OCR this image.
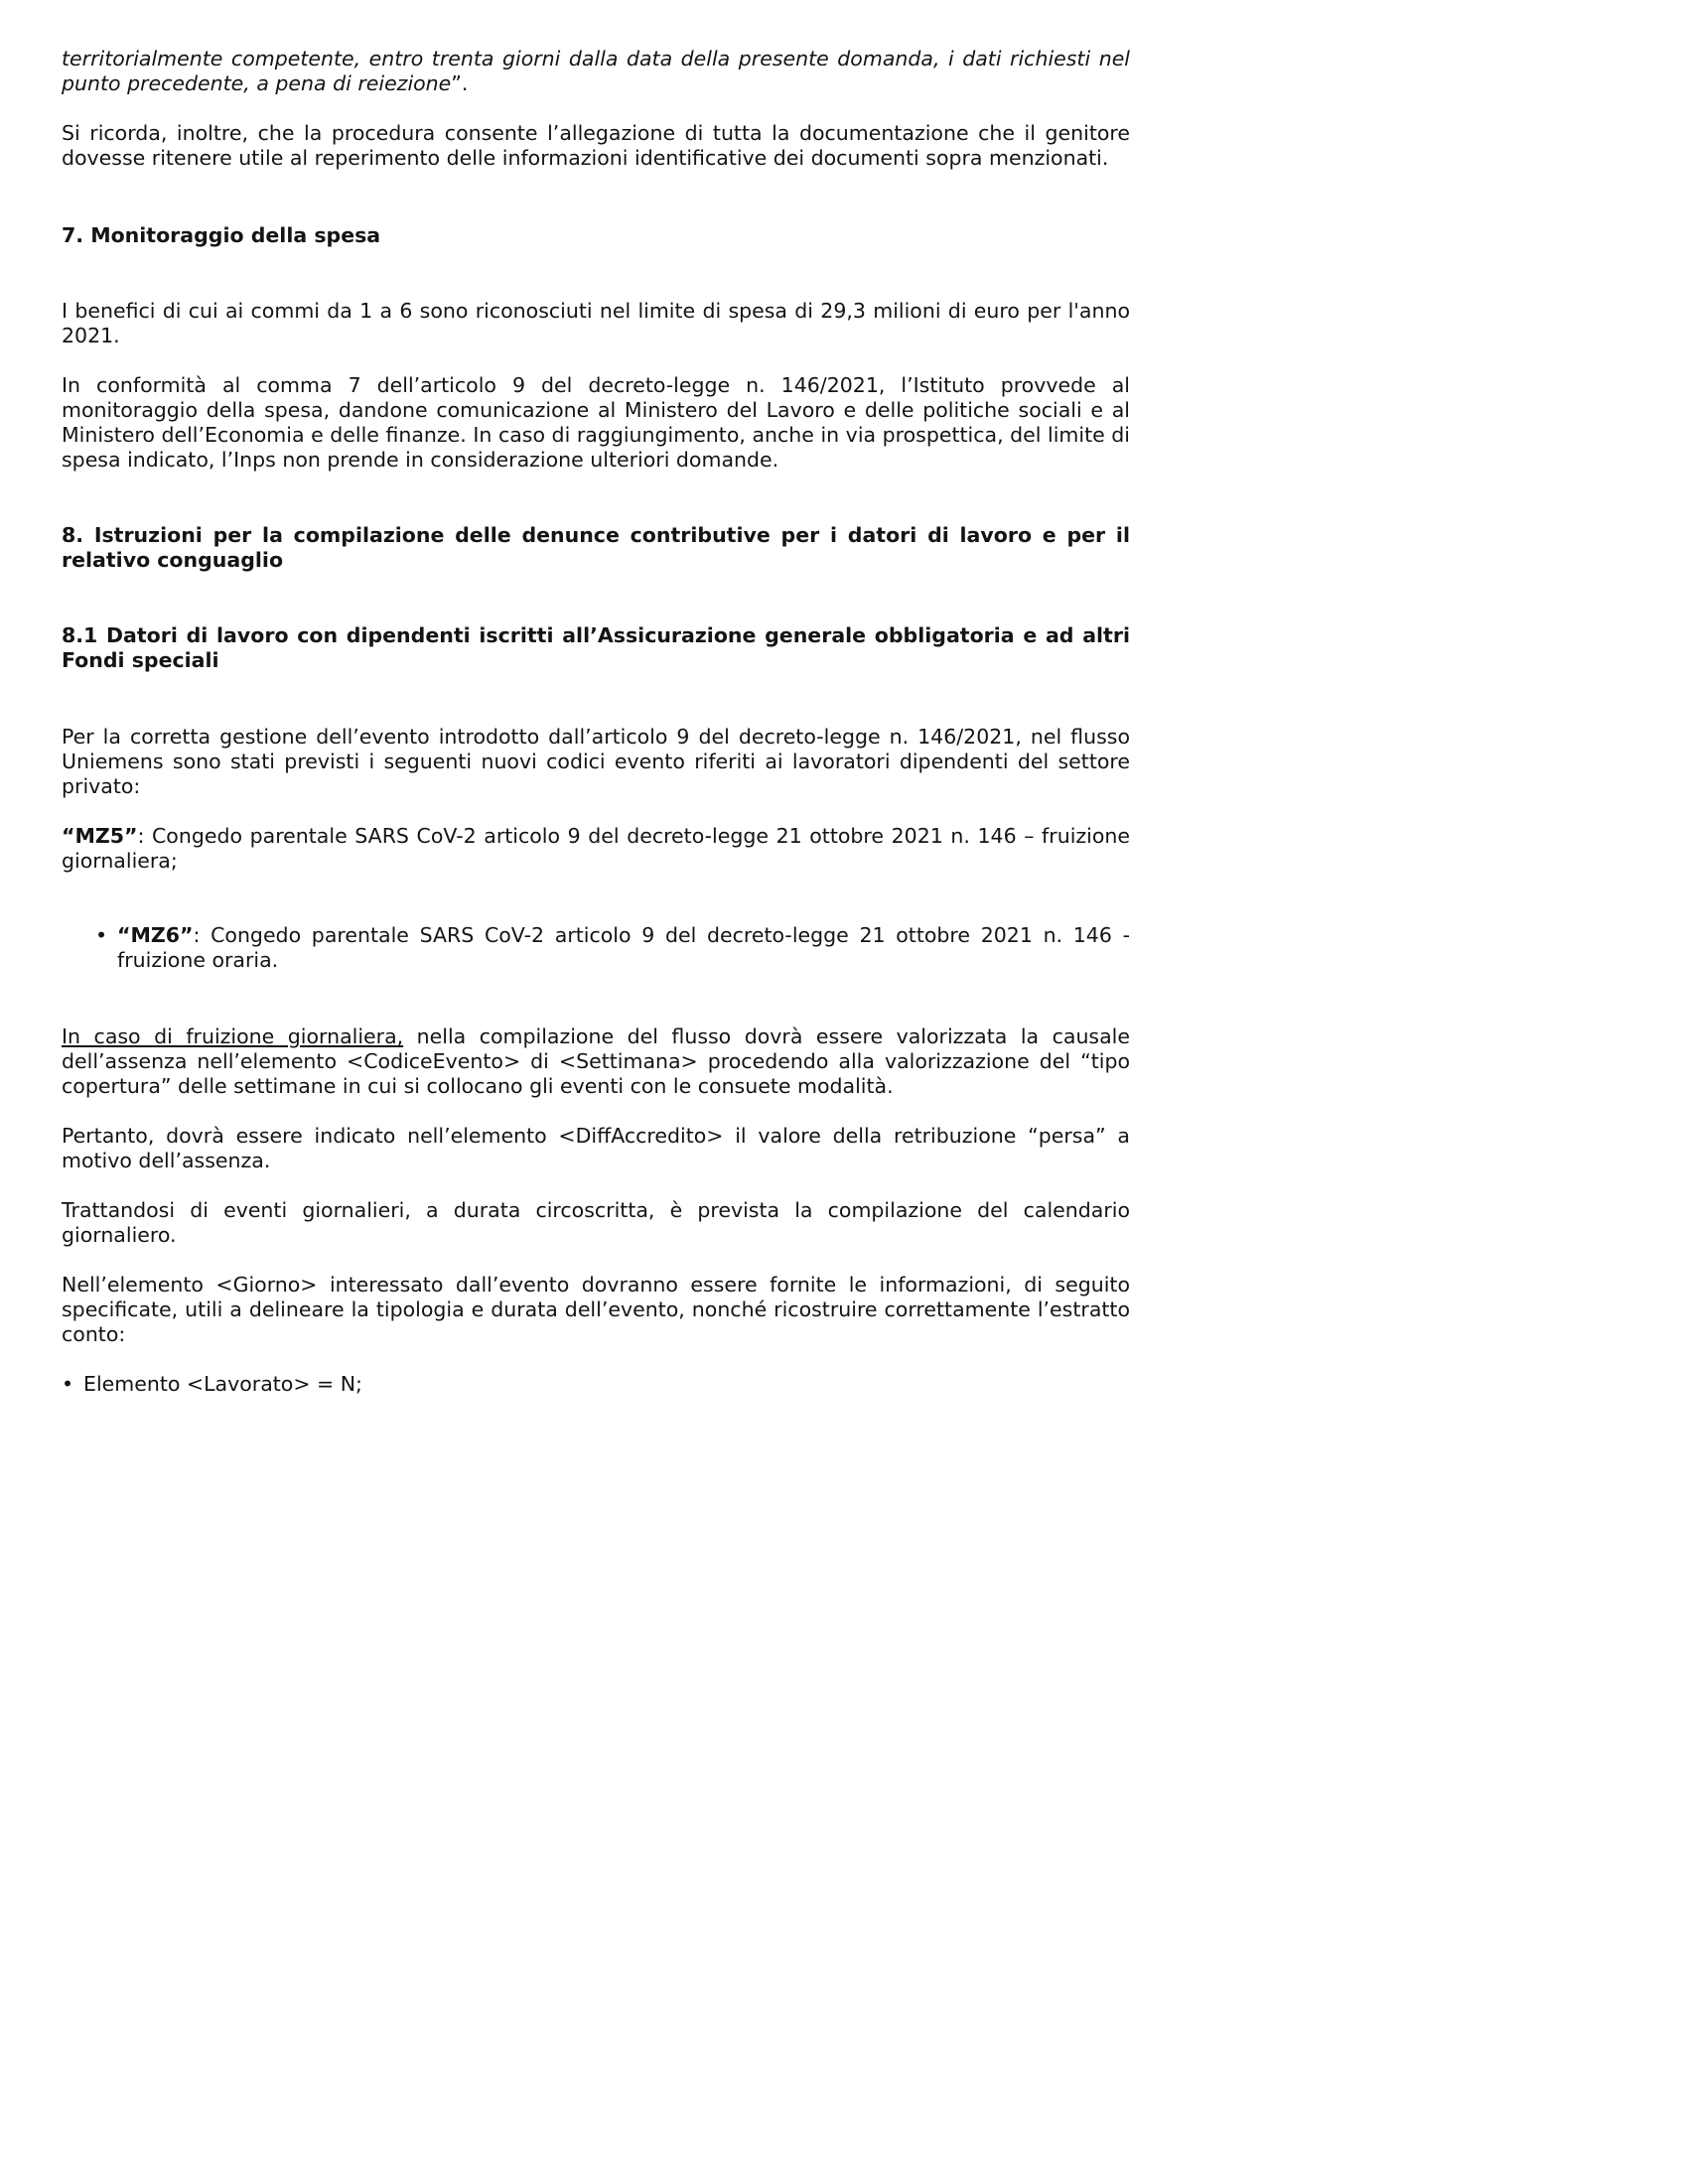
territorialmente competente, entro trenta giorni dalla data della presente domanda, i dati richiesti nel punto precedente, a pena di reiezione”.

Si ricorda, inoltre, che la procedura consente l’allegazione di tutta la documentazione che il genitore dovesse ritenere utile al reperimento delle informazioni identificative dei documenti sopra menzionati.

7. Monitoraggio della spesa

I benefici di cui ai commi da 1 a 6 sono riconosciuti nel limite di spesa di 29,3 milioni di euro per l'anno 2021.

In conformità al comma 7 dell’articolo 9 del decreto-legge n. 146/2021, l’Istituto provvede al monitoraggio della spesa, dandone comunicazione al Ministero del Lavoro e delle politiche sociali e al Ministero dell’Economia e delle finanze. In caso di raggiungimento, anche in via prospettica, del limite di spesa indicato, l’Inps non prende in considerazione ulteriori domande.

8. Istruzioni per la compilazione delle denunce contributive per i datori di lavoro e per il relativo conguaglio

8.1 Datori di lavoro con dipendenti iscritti all’Assicurazione generale obbligatoria e ad altri Fondi speciali

Per la corretta gestione dell’evento introdotto dall’articolo 9 del decreto-legge n. 146/2021, nel flusso Uniemens sono stati previsti i seguenti nuovi codici evento riferiti ai lavoratori dipendenti del settore privato:

“MZ5”: Congedo parentale SARS CoV-2 articolo 9 del decreto-legge 21 ottobre 2021 n. 146 – fruizione giornaliera;

• “MZ6”: Congedo parentale SARS CoV-2 articolo 9 del decreto-legge 21 ottobre 2021 n. 146 - fruizione oraria.

In caso di fruizione giornaliera, nella compilazione del flusso dovrà essere valorizzata la causale dell’assenza nell’elemento <CodiceEvento> di <Settimana> procedendo alla valorizzazione del “tipo copertura” delle settimane in cui si collocano gli eventi con le consuete modalità.

Pertanto, dovrà essere indicato nell’elemento <DiffAccredito> il valore della retribuzione “persa” a motivo dell’assenza.

Trattandosi di eventi giornalieri, a durata circoscritta, è prevista la compilazione del calendario giornaliero.

Nell’elemento <Giorno> interessato dall’evento dovranno essere fornite le informazioni, di seguito specificate, utili a delineare la tipologia e durata dell’evento, nonché ricostruire correttamente l’estratto conto:

• Elemento <Lavorato> = N;
